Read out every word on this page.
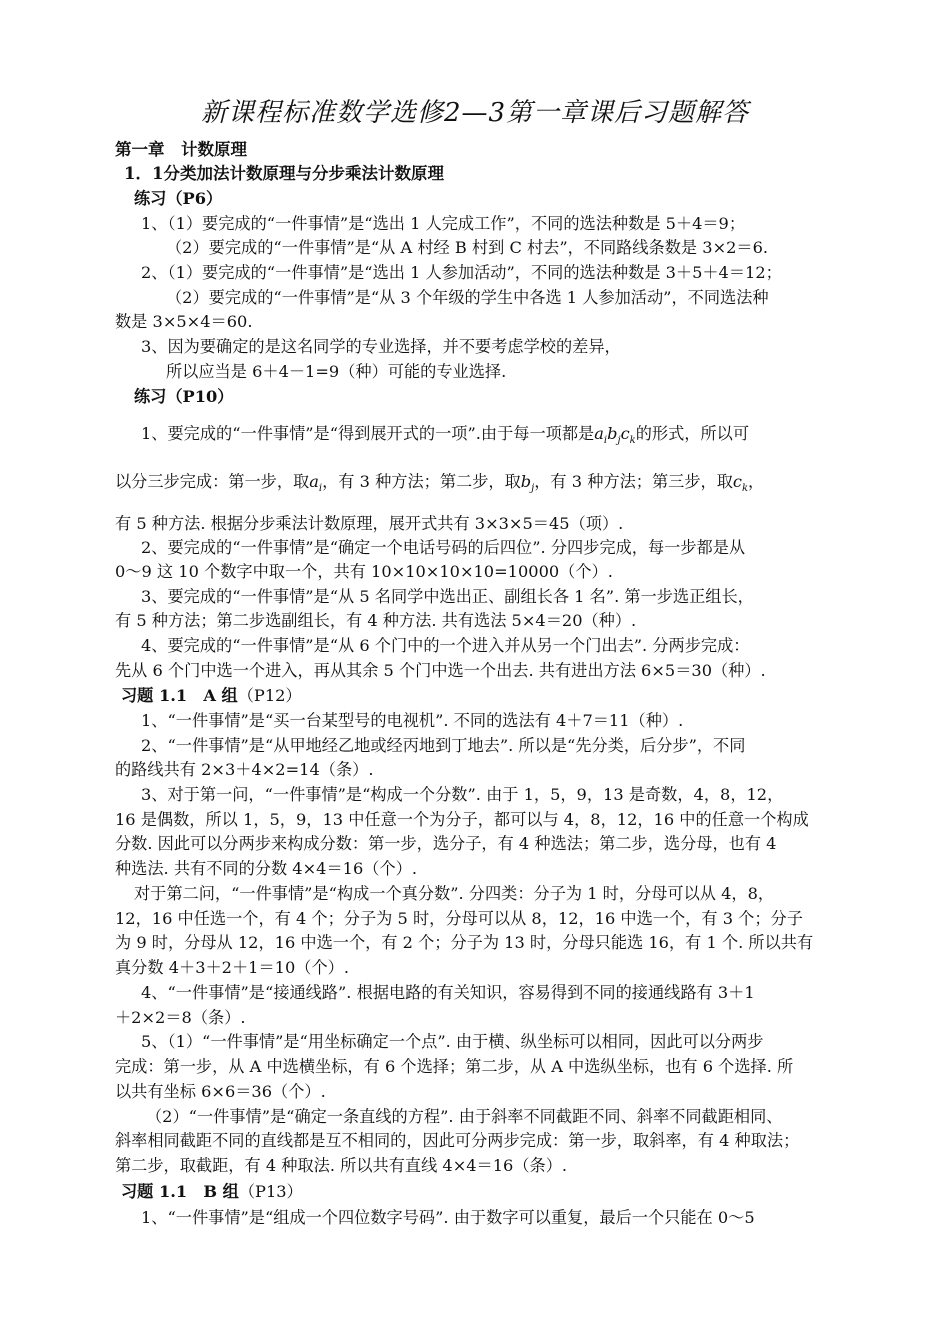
新课程标准数学选修2—3第一章课后习题解答
第一章　计数原理
1．1分类加法计数原理与分步乘法计数原理
练习（P6）
1、（1）要完成的“一件事情”是“选出 1 人完成工作”，不同的选法种数是 5＋4＝9；
（2）要完成的“一件事情”是“从 A 村经 B 村到 C 村去”，不同路线条数是 3×2＝6.
2、（1）要完成的“一件事情”是“选出 1 人参加活动”，不同的选法种数是 3＋5＋4＝12；
（2）要完成的“一件事情”是“从 3 个年级的学生中各选 1 人参加活动”，不同选法种
数是 3×5×4＝60.
3、因为要确定的是这名同学的专业选择，并不要考虑学校的差异，
所以应当是 6＋4－1=9（种）可能的专业选择.
练习（P10）
1、要完成的“一件事情”是“得到展开式的一项”.由于每一项都是$a_ib_jc_k$的形式，所以可
以分三步完成：第一步，取$a_i$，有 3 种方法；第二步，取$b_j$，有 3 种方法；第三步，取$c_k$，
有 5 种方法. 根据分步乘法计数原理，展开式共有 3×3×5＝45（项）.
2、要完成的“一件事情”是“确定一个电话号码的后四位”. 分四步完成，每一步都是从
0～9 这 10 个数字中取一个，共有 10×10×10×10=10000（个）.
3、要完成的“一件事情”是“从 5 名同学中选出正、副组长各 1 名”. 第一步选正组长，
有 5 种方法；第二步选副组长，有 4 种方法. 共有选法 5×4＝20（种）.
4、要完成的“一件事情”是“从 6 个门中的一个进入并从另一个门出去”. 分两步完成：
先从 6 个门中选一个进入，再从其余 5 个门中选一个出去. 共有进出方法 6×5＝30（种）.
习题 1.1　A 组（P12）
1、“一件事情”是“买一台某型号的电视机”. 不同的选法有 4＋7＝11（种）.
2、“一件事情”是“从甲地经乙地或经丙地到丁地去”. 所以是“先分类，后分步”，不同
的路线共有 2×3＋4×2=14（条）.
3、对于第一问，“一件事情”是“构成一个分数”. 由于 1，5，9，13 是奇数，4，8，12，
16 是偶数，所以 1，5，9，13 中任意一个为分子，都可以与 4，8，12，16 中的任意一个构成
分数. 因此可以分两步来构成分数：第一步，选分子，有 4 种选法；第二步，选分母，也有 4
种选法. 共有不同的分数 4×4＝16（个）.
对于第二问，“一件事情”是“构成一个真分数”. 分四类：分子为 1 时，分母可以从 4，8，
12，16 中任选一个，有 4 个；分子为 5 时，分母可以从 8，12，16 中选一个，有 3 个；分子
为 9 时，分母从 12，16 中选一个，有 2 个；分子为 13 时，分母只能选 16，有 1 个. 所以共有
真分数 4＋3＋2＋1＝10（个）.
4、“一件事情”是“接通线路”. 根据电路的有关知识，容易得到不同的接通线路有 3＋1
＋2×2＝8（条）.
5、（1）“一件事情”是“用坐标确定一个点”. 由于横、纵坐标可以相同，因此可以分两步
完成：第一步，从 A 中选横坐标，有 6 个选择；第二步，从 A 中选纵坐标，也有 6 个选择. 所
以共有坐标 6×6＝36（个）.
（2）“一件事情”是“确定一条直线的方程”. 由于斜率不同截距不同、斜率不同截距相同、
斜率相同截距不同的直线都是互不相同的，因此可分两步完成：第一步，取斜率，有 4 种取法；
第二步，取截距，有 4 种取法. 所以共有直线 4×4＝16（条）.
习题 1.1　B 组（P13）
1、“一件事情”是“组成一个四位数字号码”. 由于数字可以重复，最后一个只能在 0～5
